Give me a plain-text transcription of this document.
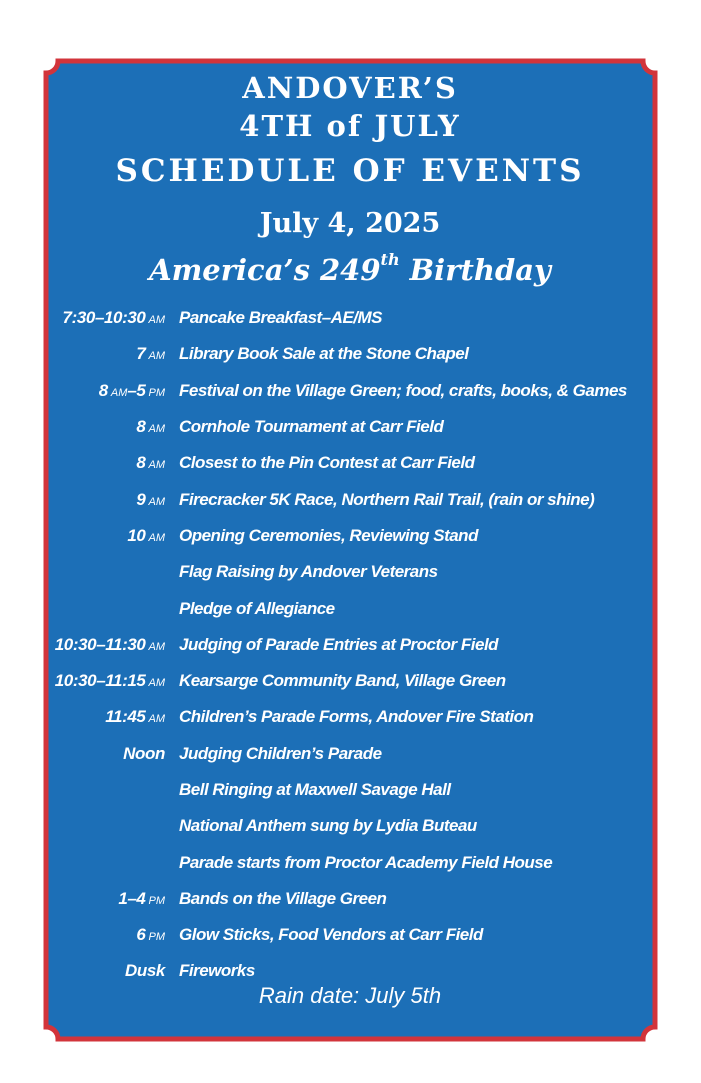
ANDOVER’S
4TH of JULY
SCHEDULE OF EVENTS
July 4, 2025
America’s 249th Birthday
7:30–10:30  AM Pancake Breakfast–AE/MS
7  AM Library Book Sale at the Stone Chapel
8  AM–5  PM Festival on the Village Green; food, crafts, books, & Games
8  AM Cornhole Tournament at Carr Field
8  AM Closest to the Pin Contest at Carr Field
9  AM Firecracker 5K Race, Northern Rail Trail, (rain or shine)
10  AM Opening Ceremonies, Reviewing Stand
Flag Raising by Andover Veterans
Pledge of Allegiance
10:30–11:30  AM Judging of Parade Entries at Proctor Field
10:30–11:15  AM Kearsarge Community Band, Village Green
11:45  AM Children’s Parade Forms, Andover Fire Station
Noon Judging Children’s Parade
Bell Ringing at Maxwell Savage Hall
National Anthem sung by Lydia Buteau
Parade starts from Proctor Academy Field House
1–4  PM Bands on the Village Green
6  PM Glow Sticks, Food Vendors at Carr Field
Dusk Fireworks
Rain date: July 5th
